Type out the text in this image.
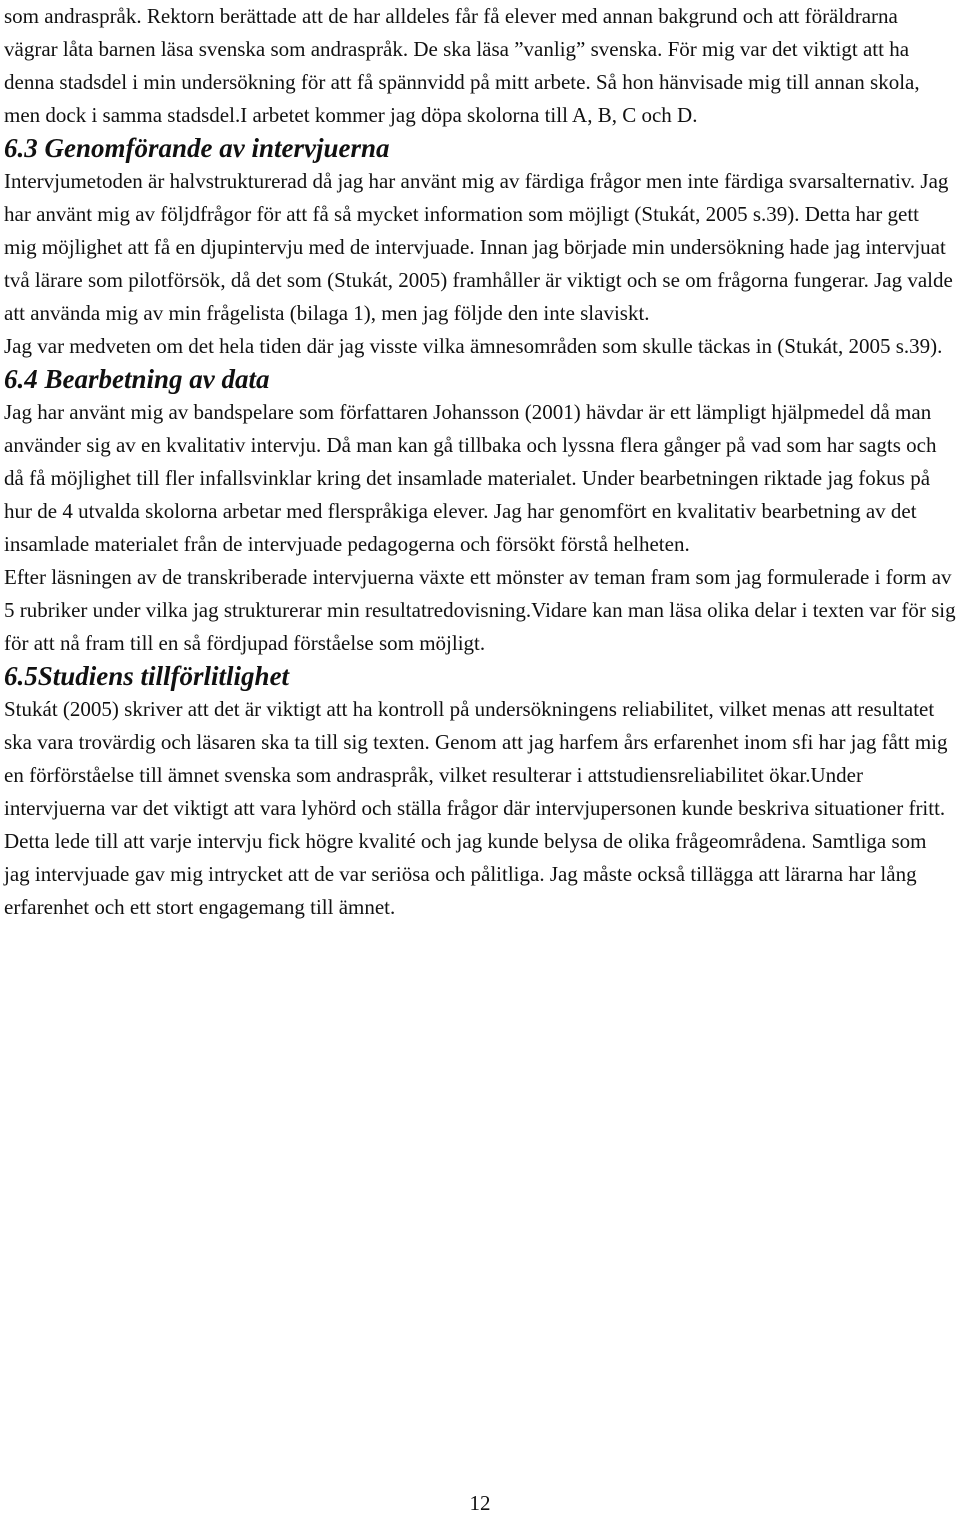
som andraspråk. Rektorn berättade att de har alldeles får få elever med annan bakgrund och att föräldrarna vägrar låta barnen läsa svenska som andraspråk. De ska läsa ”vanlig” svenska. För mig var det viktigt att ha denna stadsdel i min undersökning för att få spännvidd på mitt arbete. Så hon hänvisade mig till annan skola, men dock i samma stadsdel.I arbetet kommer jag döpa skolorna till A, B, C och D.

6.3 Genomförande av intervjuerna

Intervjumetoden är halvstrukturerad då jag har använt mig av färdiga frågor men inte färdiga svarsalternativ. Jag har använt mig av följdfrågor för att få så mycket information som möjligt (Stukát, 2005 s.39). Detta har gett mig möjlighet att få en djupintervju med de intervjuade. Innan jag började min undersökning hade jag intervjuat två lärare som pilotförsök, då det som (Stukát, 2005) framhåller är viktigt och se om frågorna fungerar. Jag valde att använda mig av min frågelista (bilaga 1), men jag följde den inte slaviskt.

Jag var medveten om det hela tiden där jag visste vilka ämnesområden som skulle täckas in (Stukát, 2005 s.39).

6.4 Bearbetning av data

Jag har använt mig av bandspelare som författaren Johansson (2001) hävdar är ett lämpligt hjälpmedel då man använder sig av en kvalitativ intervju. Då man kan gå tillbaka och lyssna flera gånger på vad som har sagts och då få möjlighet till fler infallsvinklar kring det insamlade materialet. Under bearbetningen riktade jag fokus på hur de 4 utvalda skolorna arbetar med flerspråkiga elever. Jag har genomfört en kvalitativ bearbetning av det insamlade materialet från de intervjuade pedagogerna och försökt förstå helheten.

Efter läsningen av de transkriberade intervjuerna växte ett mönster av teman fram som jag formulerade i form av 5 rubriker under vilka jag strukturerar min resultatredovisning.Vidare kan man läsa olika delar i texten var för sig för att nå fram till en så fördjupad förståelse som möjligt.

6.5Studiens tillförlitlighet

Stukát (2005) skriver att det är viktigt att ha kontroll på undersökningens reliabilitet, vilket menas att resultatet ska vara trovärdig och läsaren ska ta till sig texten. Genom att jag harfem års erfarenhet inom sfi har jag fått mig en förförståelse till ämnet svenska som andraspråk, vilket resulterar i attstudiensreliabilitet ökar.Under intervjuerna var det viktigt att vara lyhörd och ställa frågor där intervjupersonen kunde beskriva situationer fritt. Detta lede till att varje intervju fick högre kvalité och jag kunde belysa de olika frågeområdena. Samtliga som jag intervjuade gav mig intrycket att de var seriösa och pålitliga. Jag måste också tillägga att lärarna har lång erfarenhet och ett stort engagemang till ämnet.

12
